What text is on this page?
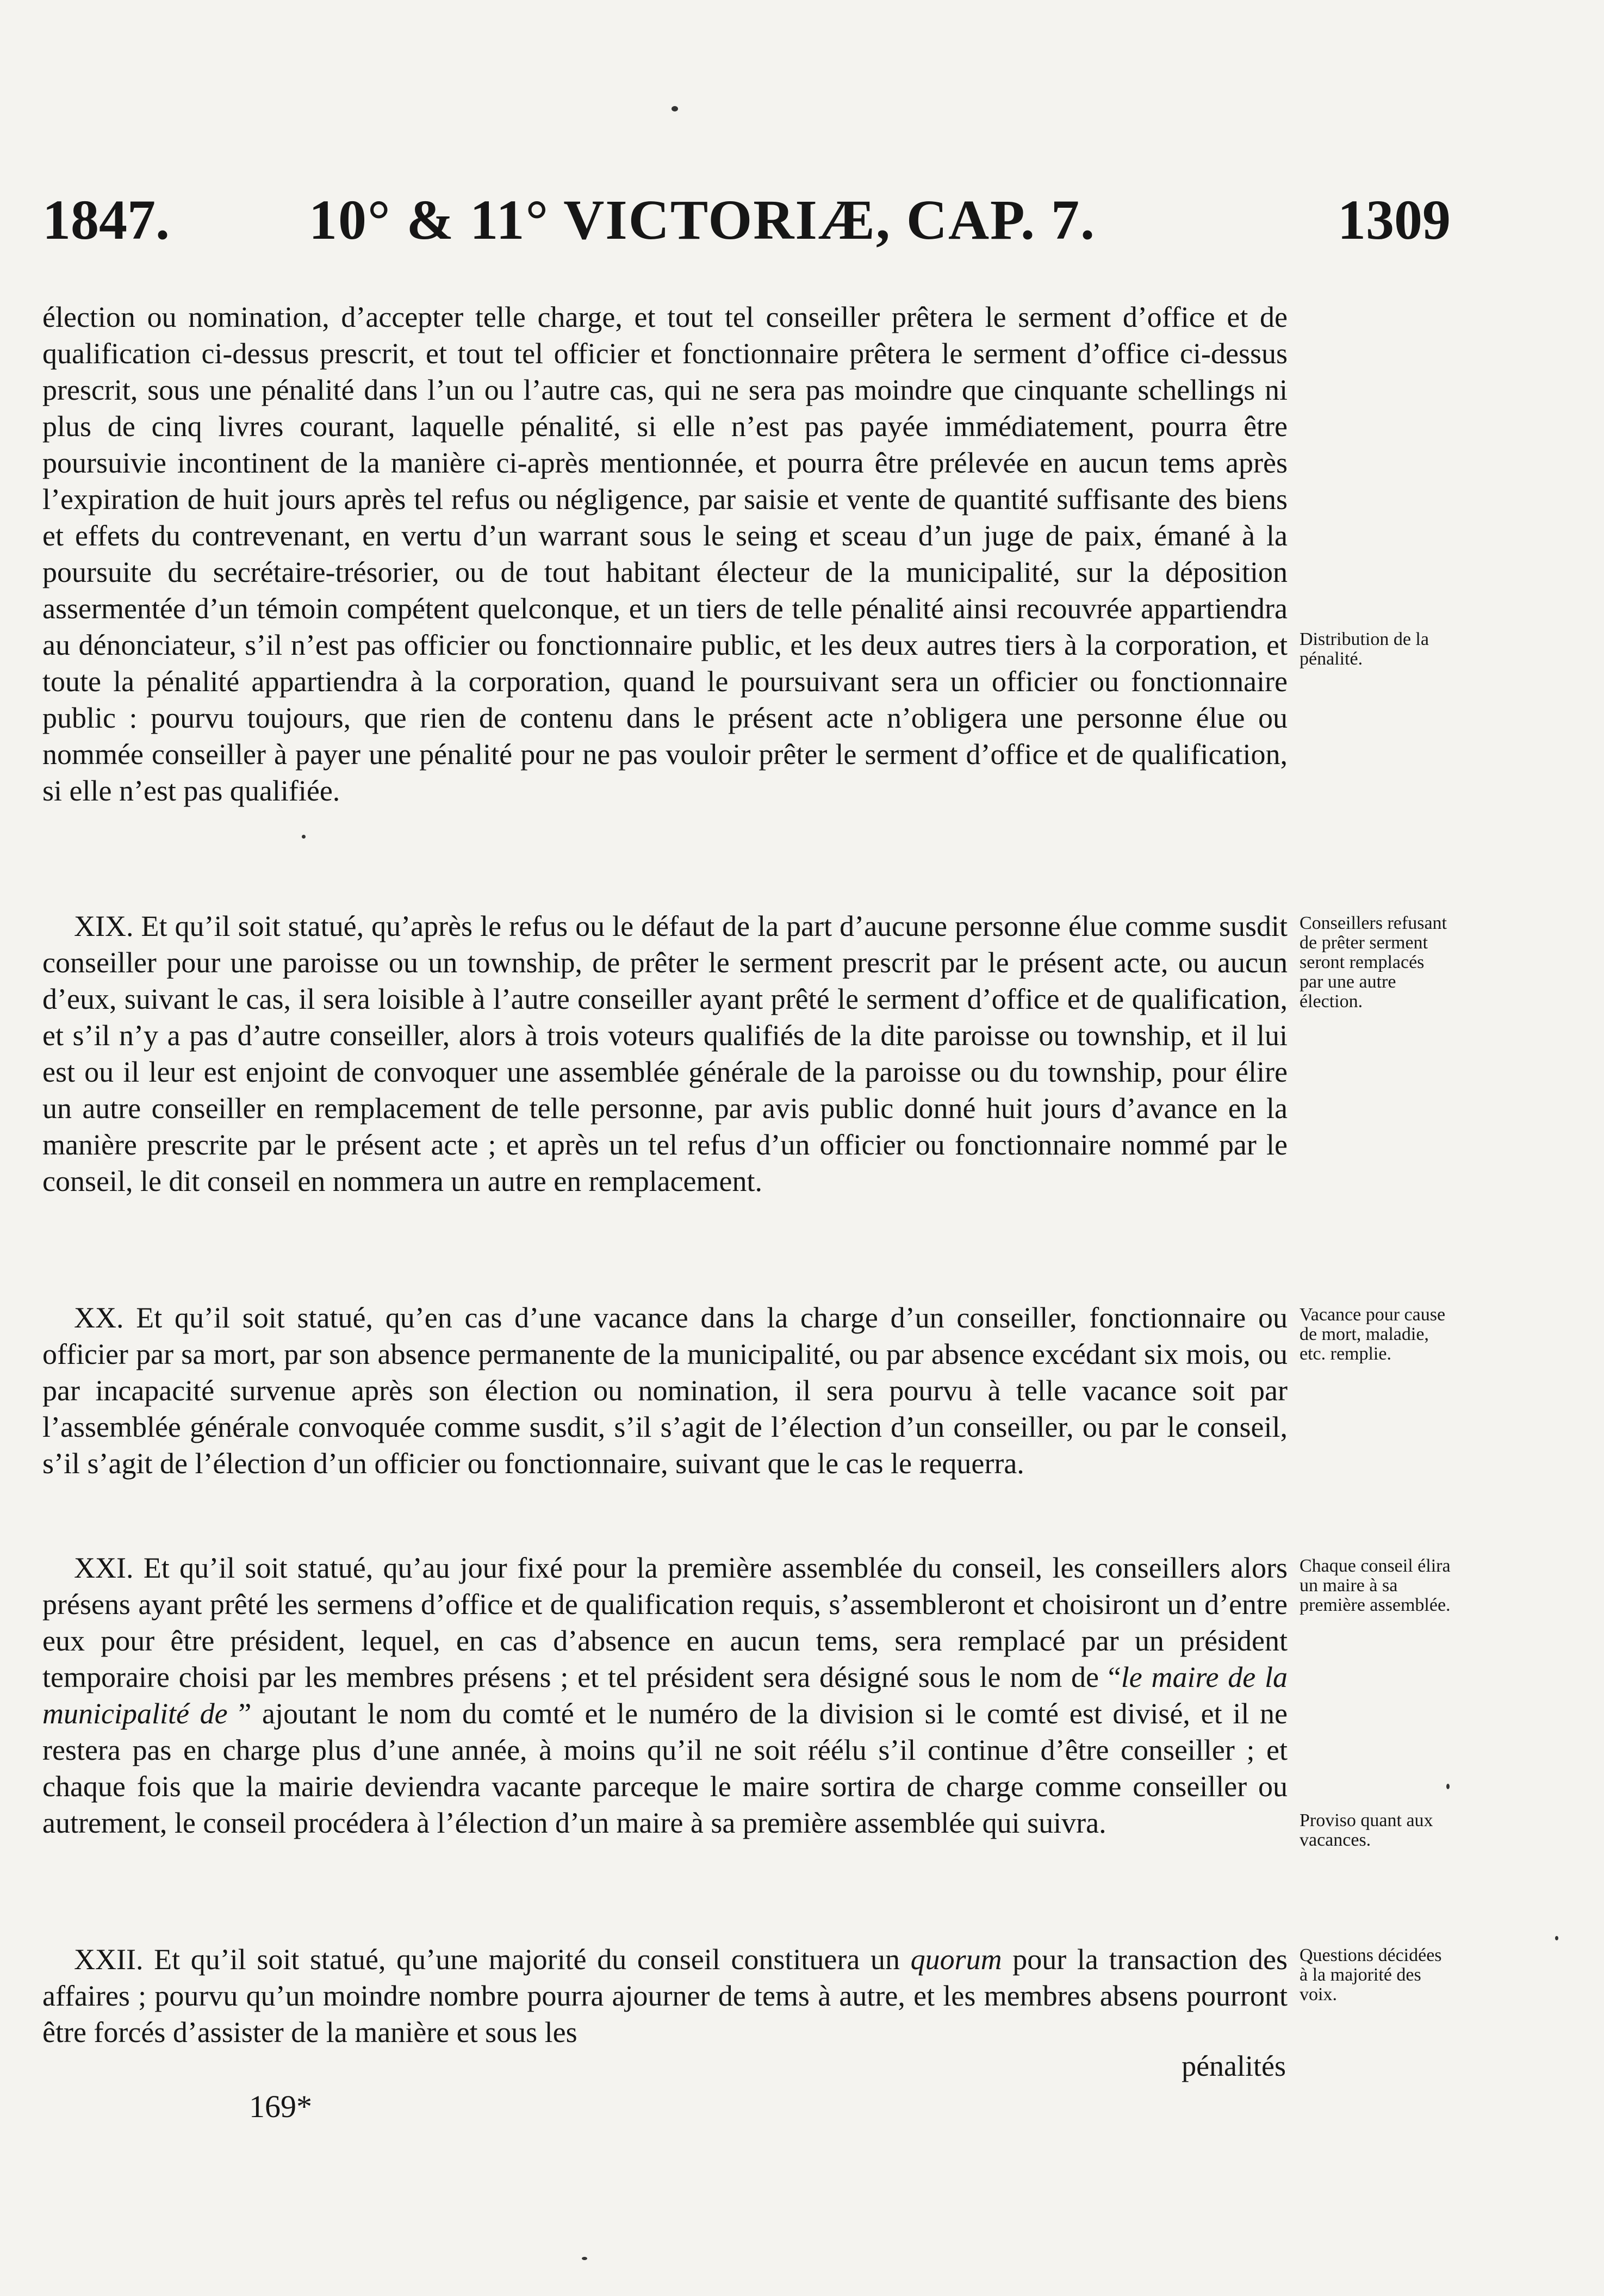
1847. 10° & 11° VICTORIÆ, CAP. 7.	1309
élection ou nomination, d’accepter telle charge, et tout tel conseiller prêtera le serment d’office et de qualification ci-dessus prescrit, et tout tel officier et fonctionnaire prêtera le serment d’office ci-dessus prescrit, sous une pénalité dans l’un ou l’autre cas, qui ne sera pas moindre que cinquante schellings ni plus de cinq livres courant, laquelle pénalité, si elle n’est pas payée immédiatement, pourra être poursuivie incontinent de la manière ci-après mentionnée, et pourra être prélevée en aucun tems après l’expiration de huit jours après tel refus ou négligence, par saisie et vente de quantité suffisante des biens et effets du contrevenant, en vertu d’un warrant sous le seing et sceau d’un juge de paix, émané à la poursuite du secrétaire-trésorier, ou de tout habitant électeur de la municipalité, sur la déposition assermentée d’un témoin compétent quelconque, et un tiers de telle pénalité ainsi recouvrée appartiendra au dénonciateur, s’il n’est pas officier ou fonctionnaire public, et les deux autres tiers à la corporation, et toute la pénalité appartiendra à la corporation, quand le poursuivant sera un officier ou fonctionnaire public : pourvu toujours, que rien de contenu dans le présent acte n’obligera une personne élue ou nommée conseiller à payer une pénalité pour ne pas vouloir prêter le serment d’office et de qualification, si elle n’est pas qualifiée.
XIX. Et qu’il soit statué, qu’après le refus ou le défaut de la part d’aucune personne élue comme susdit conseiller pour une paroisse ou un township, de prêter le serment prescrit par le présent acte, ou aucun d’eux, suivant le cas, il sera loisible à l’autre conseiller ayant prêté le serment d’office et de qualification, et s’il n’y a pas d’autre conseiller, alors à trois voteurs qualifiés de la dite paroisse ou township, et il lui est ou il leur est enjoint de convoquer une assemblée générale de la paroisse ou du township, pour élire un autre conseiller en remplacement de telle personne, par avis public donné huit jours d’avance en la manière prescrite par le présent acte ; et après un tel refus d’un officier ou fonctionnaire nommé par le conseil, le dit conseil en nommera un autre en remplacement.
XX. Et qu’il soit statué, qu’en cas d’une vacance dans la charge d’un conseiller, fonctionnaire ou officier par sa mort, par son absence permanente de la municipalité, ou par absence excédant six mois, ou par incapacité survenue après son élection ou nomination, il sera pourvu à telle vacance soit par l’assemblée générale convoquée comme susdit, s’il s’agit de l’élection d’un conseiller, ou par le conseil, s’il s’agit de l’élection d’un officier ou fonctionnaire, suivant que le cas le requerra.
XXI. Et qu’il soit statué, qu’au jour fixé pour la première assemblée du conseil, les conseillers alors présens ayant prêté les sermens d’office et de qualification requis, s’assembleront et choisiront un d’entre eux pour être président, lequel, en cas d’absence en aucun tems, sera remplacé par un président temporaire choisi par les membres présens ; et tel président sera désigné sous le nom de “le maire de la municipalité de ” ajoutant le nom du comté et le numéro de la division si le comté est divisé, et il ne restera pas en charge plus d’une année, à moins qu’il ne soit réélu s’il continue d’être conseiller ; et chaque fois que la mairie deviendra vacante parceque le maire sortira de charge comme conseiller ou autrement, le conseil procédera à l’élection d’un maire à sa première assemblée qui suivra.
XXII. Et qu’il soit statué, qu’une majorité du conseil constituera un quorum pour la transaction des affaires ; pourvu qu’un moindre nombre pourra ajourner de tems à autre, et les membres absens pourront être forcés d’assister de la manière et sous les
Distribution de la pénalité.
Conseillers refusant de prêter serment seront remplacés par une autre élection.
Vacance pour cause de mort, maladie, etc. remplie.
Chaque conseil élira un maire à sa première assemblée.
Proviso quant aux vacances.
Questions décidées à la majorité des voix.
pénalités
169*
